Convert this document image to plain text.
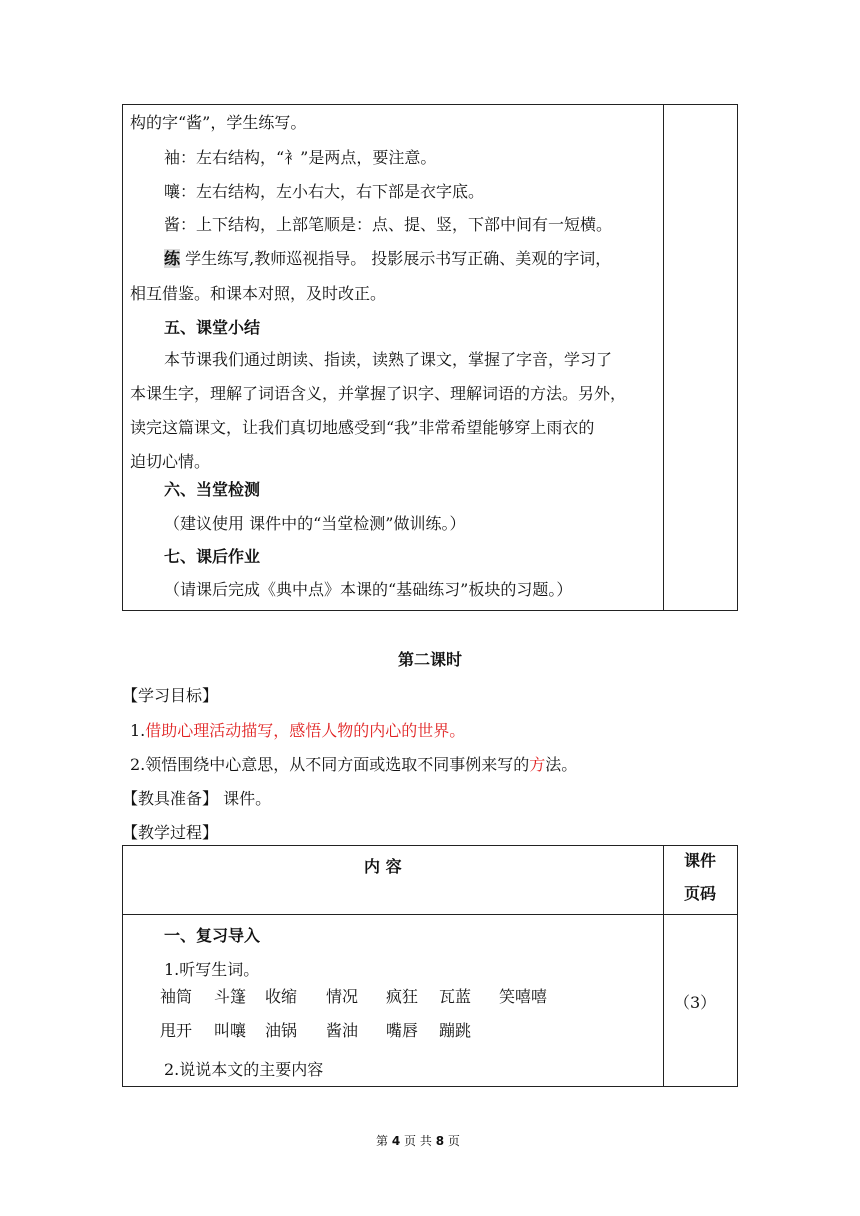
构的字“酱”，学生练写。
袖：左右结构，“衤”是两点，要注意。
嚷：左右结构，左小右大，右下部是衣字底。
酱：上下结构，上部笔顺是：点、提、竖，下部中间有一短横。
练 学生练写,教师巡视指导。 投影展示书写正确、美观的字词，
相互借鉴。和课本对照，及时改正。
五、课堂小结
本节课我们通过朗读、指读，读熟了课文，掌握了字音，学习了
本课生字，理解了词语含义，并掌握了识字、理解词语的方法。另外，
读完这篇课文，让我们真切地感受到“我”非常希望能够穿上雨衣的
迫切心情。
六、当堂检测
（建议使用 课件中的“当堂检测”做训练。）
七、课后作业
（请课后完成《典中点》本课的“基础练习”板块的习题。）
第二课时
【学习目标】
1.借助心理活动描写，感悟人物的内心的世界。
2.领悟围绕中心意思，从不同方面或选取不同事例来写的方法。
【教具准备】 课件。
【教学过程】
内 容	课件
页码
一、复习导入
1.听写生词。
袖筒 斗篷 收缩 情况 疯狂 瓦蓝 笑嘻嘻
甩开 叫嚷 油锅 酱油 嘴唇 蹦跳
2.说说本文的主要内容
（3）
第 4 页 共 8 页
